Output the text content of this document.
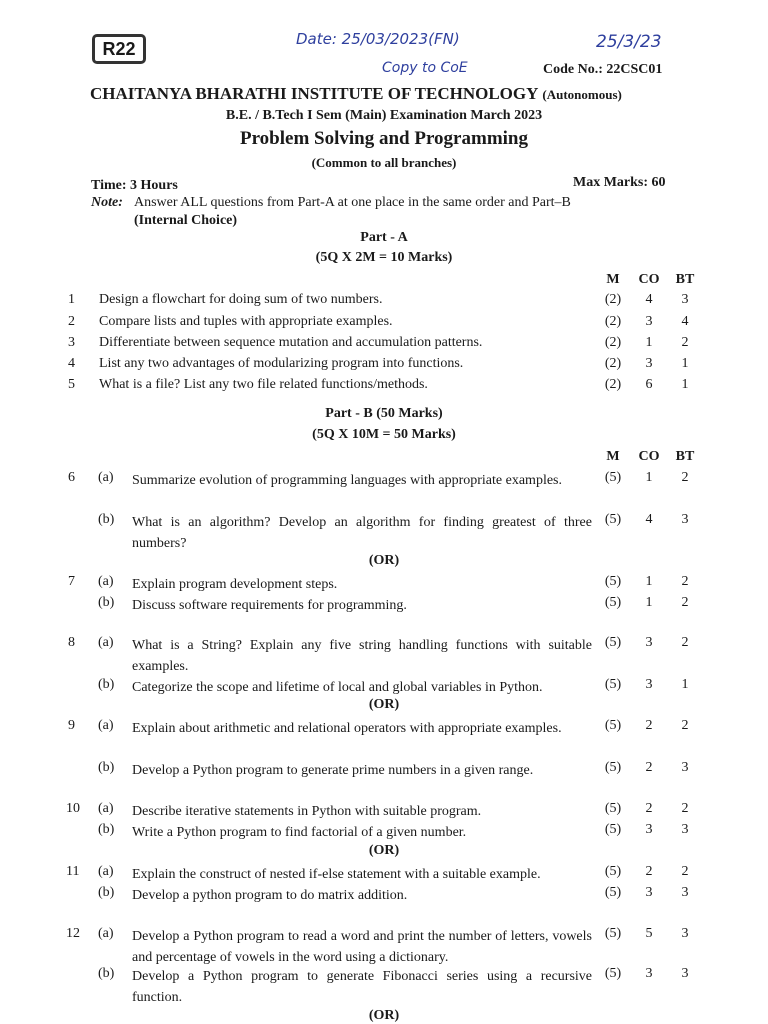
R22	Date: 25/03/2023(FN)	25/3/23
Copy to CoE	Code No.: 22CSC01
CHAITANYA BHARATHI INSTITUTE OF TECHNOLOGY (Autonomous)
B.E. / B.Tech I Sem (Main) Examination March 2023
Problem Solving and Programming
(Common to all branches)
Time: 3 Hours	Max Marks: 60
Note: Answer ALL questions from Part-A at one place in the same order and Part–B
(Internal Choice)
Part - A
(5Q X 2M = 10 Marks)
M	CO	BT
1 Design a flowchart for doing sum of two numbers.	(2)	4	3
2 Compare lists and tuples with appropriate examples.	(2)	3	4
3 Differentiate between sequence mutation and accumulation patterns.	(2)	1	2
4 List any two advantages of modularizing program into functions.	(2)	3	1
5 What is a file? List any two file related functions/methods.	(2)	6	1
Part - B (50 Marks)
(5Q X 10M = 50 Marks)
M	CO	BT
6 (a) Summarize evolution of programming languages with appropriate examples.	(5)	1	2
(b) What is an algorithm? Develop an algorithm for finding greatest of three numbers?
(5)	4	3
(OR)
7 (a) Explain program development steps.	(5)	1	2
(b) Discuss software requirements for programming.	(5)	1	2
8 (a) What is a String? Explain any five string handling functions with suitable examples.
(5)	3	2
(b) Categorize the scope and lifetime of local and global variables in Python.	(5)	3	1
(OR)
9 (a) Explain about arithmetic and relational operators with appropriate examples.	(5)	2	2
(b) Develop a Python program to generate prime numbers in a given range.	(5)	2	3
10 (a) Describe iterative statements in Python with suitable program.	(5)	2	2
(b) Write a Python program to find factorial of a given number.	(5)	3	3
(OR)
11 (a) Explain the construct of nested if-else statement with a suitable example.	(5)	2	2
(b) Develop a python program to do matrix addition.	(5)	3	3
12 (a) Develop a Python program to read a word and print the number of letters, vowels and percentage of vowels in the word using a dictionary.
(5)	5	3
(b) Develop a Python program to generate Fibonacci series using a recursive function.
(5)	3	3
(OR)
